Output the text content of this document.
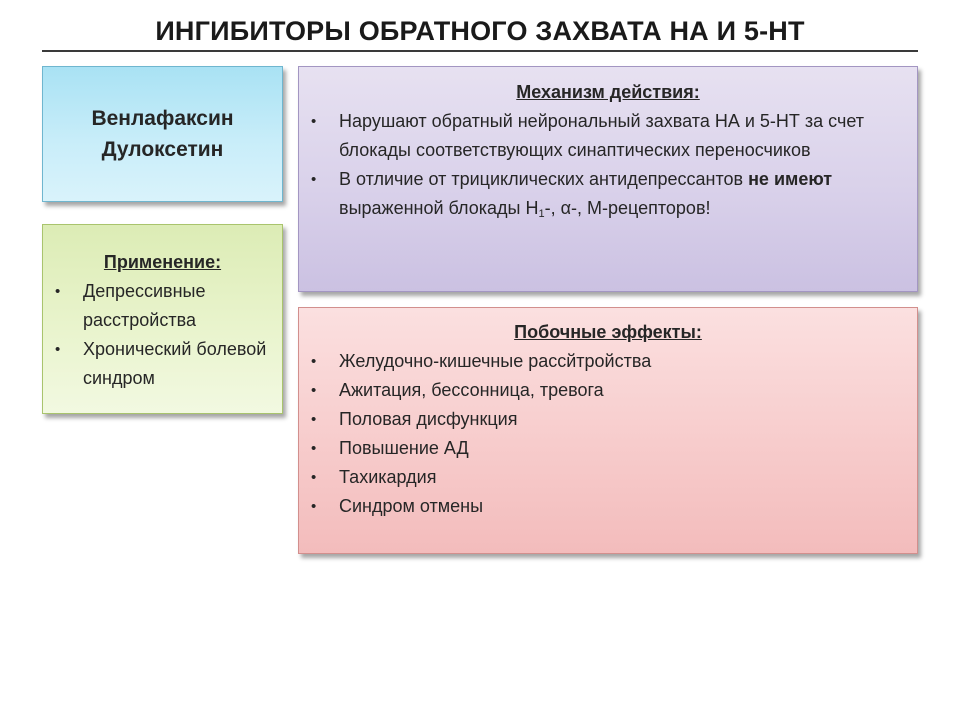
ИНГИБИТОРЫ ОБРАТНОГО ЗАХВАТА НА И 5-НТ
Венлафаксин
Дулоксетин
Применение:
• Депрессивные расстройства
• Хронический болевой синдром
Механизм действия:
• Нарушают обратный нейрональный захвата НА и 5-НТ за счет блокады соответствующих синаптических переносчиков
• В отличие от трициклических антидепрессантов не имеют выраженной блокады $Н_1-$, α-, М-рецепторов!
Побочные эффекты:
• Желудочно-кишечные рассйтройства
• Ажитация, бессонница, тревога
• Половая дисфункция
• Повышение АД
• Тахикардия
• Синдром отмены
